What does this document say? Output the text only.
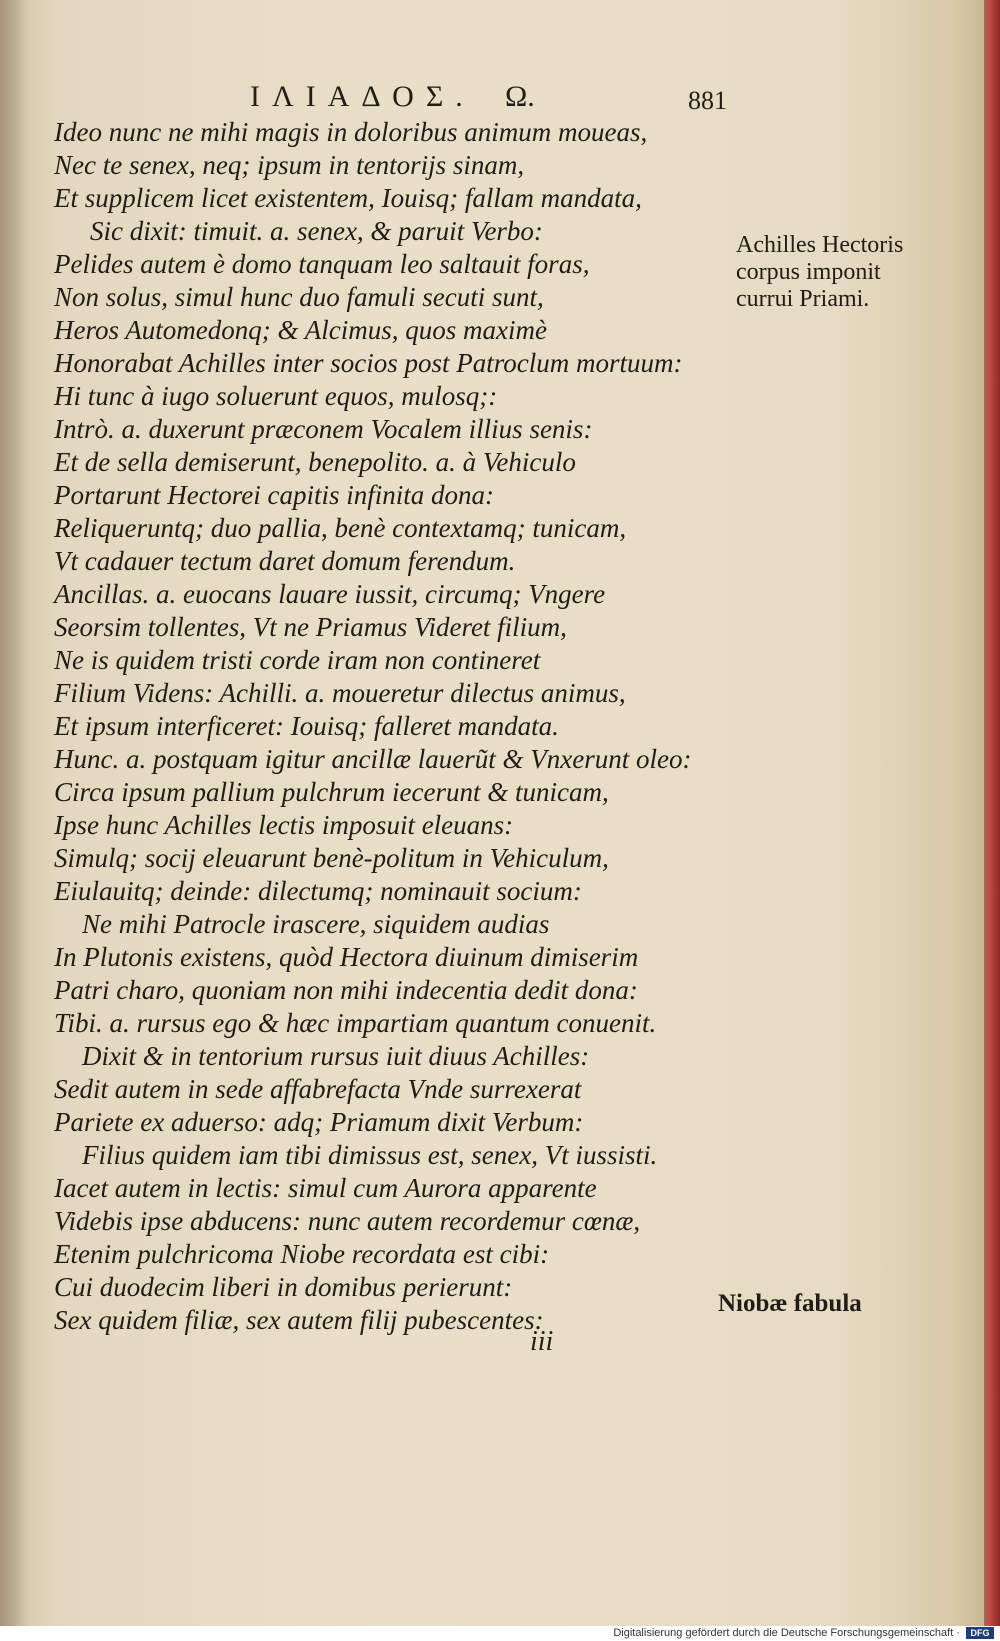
ΙΛΙΑΔΟΣ. Ω.	881
Ideo nunc ne mihi magis in doloribus animum moueas,
Nec te senex, neq; ipsum in tentorijs sinam,
Et supplicem licet existentem, Iouisq; fallam mandata,
Sic dixit: timuit. a. senex, & paruit Verbo:
Pelides autem è domo tanquam leo saltauit foras,
Non solus, simul hunc duo famuli secuti sunt,
Heros Automedonq; & Alcimus, quos maximè
Honorabat Achilles inter socios post Patroclum mortuum:
Hi tunc à iugo soluerunt equos, mulosq;:
Intrò. a. duxerunt præconem Vocalem illius senis:
Et de sella demiserunt, benepolito. a. à Vehiculo
Portarunt Hectorei capitis infinita dona:
Reliqueruntq; duo pallia, benè contextamq; tunicam,
Vt cadauer tectum daret domum ferendum.
Ancillas. a. euocans lauare iussit, circumq; Vngere
Seorsim tollentes, Vt ne Priamus Videret filium,
Ne is quidem tristi corde iram non contineret
Filium Videns: Achilli. a. moueretur dilectus animus,
Et ipsum interficeret: Iouisq; falleret mandata.
Hunc. a. postquam igitur ancillæ lauerũt & Vnxerunt oleo:
Circa ipsum pallium pulchrum iecerunt & tunicam,
Ipse hunc Achilles lectis imposuit eleuans:
Simulq; socij eleuarunt benè-politum in Vehiculum,
Eiulauitq; deinde: dilectumq; nominauit socium:
Ne mihi Patrocle irascere, siquidem audias
In Plutonis existens, quòd Hectora diuinum dimiserim
Patri charo, quoniam non mihi indecentia dedit dona:
Tibi. a. rursus ego & hæc impartiam quantum conuenit.
Dixit & in tentorium rursus iuit diuus Achilles:
Sedit autem in sede affabrefacta Vnde surrexerat
Pariete ex aduerso: adq; Priamum dixit Verbum:
Filius quidem iam tibi dimissus est, senex, Vt iussisti.
Iacet autem in lectis: simul cum Aurora apparente
Videbis ipse abducens: nunc autem recordemur cœnæ,
Etenim pulchricoma Niobe recordata est cibi:
Cui duodecim liberi in domibus perierunt:
Sex quidem filiæ, sex autem filij pubescentes:
Achilles Hectoris corpus imponit currui Priami.
Niobæ fabula
iii
Digitalisierung gefördert durch die Deutsche Forschungsgemeinschaft ·	DFG
